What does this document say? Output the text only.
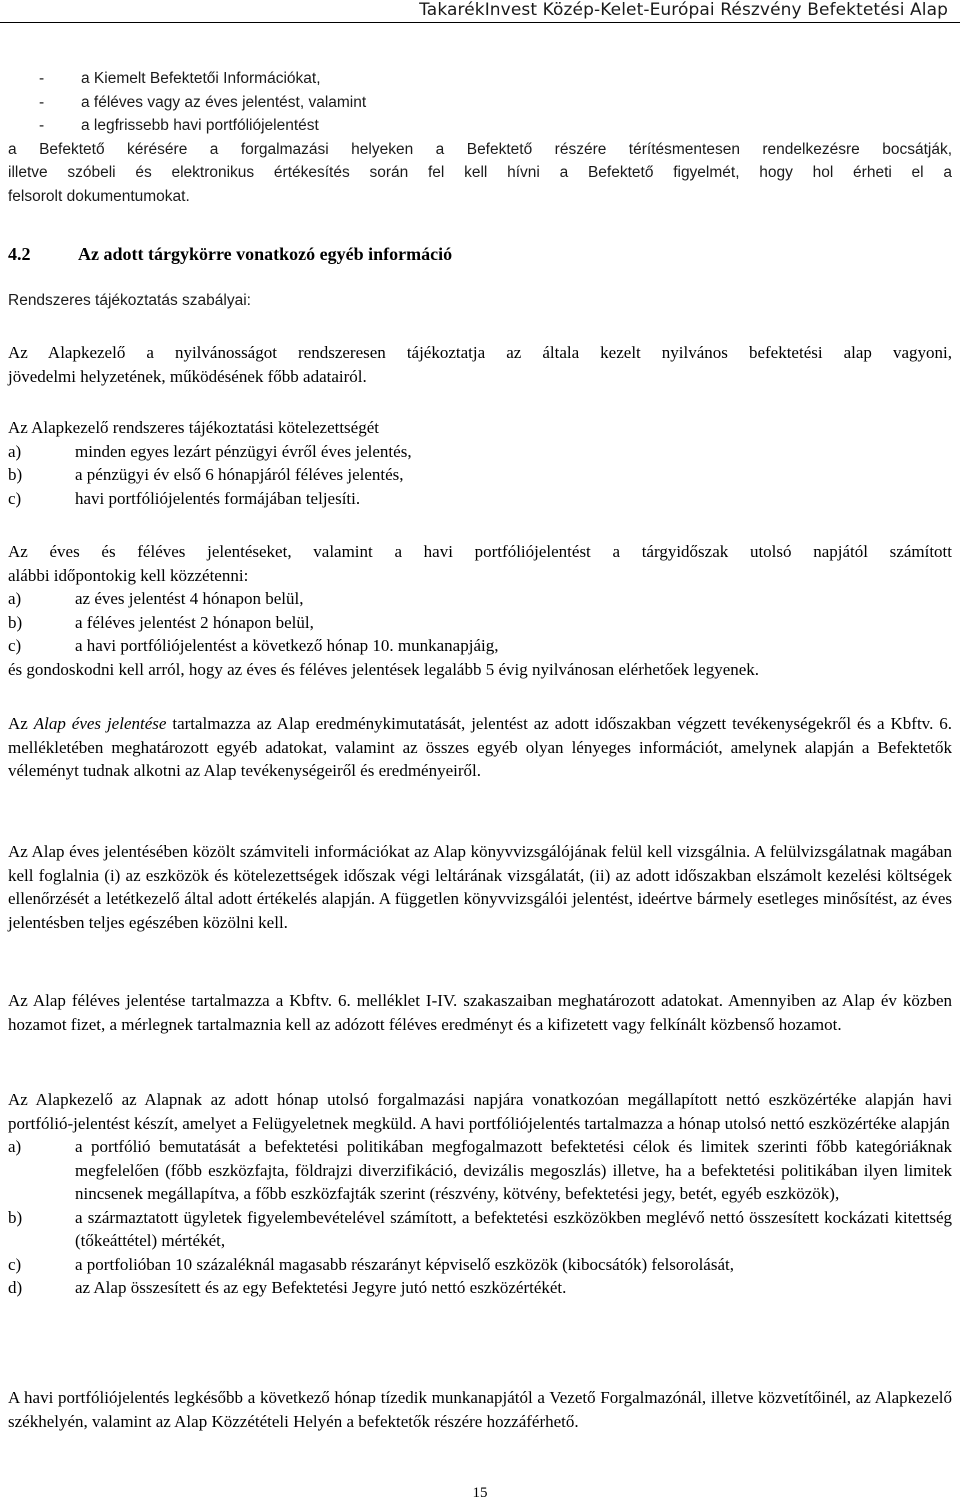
TakarékInvest Közép-Kelet-Európai Részvény Befektetési Alap
-	a Kiemelt Befektetői Információkat,
-	a féléves vagy az éves jelentést, valamint
-	a legfrissebb havi portfóliójelentést
a Befektető kérésére a forgalmazási helyeken a Befektető részére térítésmentesen rendelkezésre bocsátják,
illetve szóbeli és elektronikus értékesítés során fel kell hívni a Befektető figyelmét, hogy hol érheti el a
felsorolt dokumentumokat.
4.2	Az adott tárgykörre vonatkozó egyéb információ
Rendszeres tájékoztatás szabályai:
Az Alapkezelő a nyilvánosságot rendszeresen tájékoztatja az általa kezelt nyilvános befektetési alap vagyoni,
jövedelmi helyzetének, működésének főbb adatairól.
Az Alapkezelő rendszeres tájékoztatási kötelezettségét
a)	minden egyes lezárt pénzügyi évről éves jelentés,
b)	a pénzügyi év első 6 hónapjáról féléves jelentés,
c)	havi portfóliójelentés formájában teljesíti.
Az éves és féléves jelentéseket, valamint a havi portfóliójelentést a tárgyidőszak utolsó napjától számított
alábbi időpontokig kell közzétenni:
a)	az éves jelentést 4 hónapon belül,
b)	a féléves jelentést 2 hónapon belül,
c)	a havi portfóliójelentést a következő hónap 10. munkanapjáig,
és gondoskodni kell arról, hogy az éves és féléves jelentések legalább 5 évig nyilvánosan elérhetőek legyenek.
Az Alap éves jelentése tartalmazza az Alap eredménykimutatását, jelentést az adott időszakban végzett tevékenységekről és a Kbftv. 6. mellékletében meghatározott egyéb adatokat, valamint az összes egyéb olyan lényeges információt, amelynek alapján a Befektetők véleményt tudnak alkotni az Alap tevékenységeiről és eredményeiről.
Az Alap éves jelentésében közölt számviteli információkat az Alap könyvvizsgálójának felül kell vizsgálnia. A felülvizsgálatnak magában kell foglalnia (i) az eszközök és kötelezettségek időszak végi leltárának vizsgálatát, (ii) az adott időszakban elszámolt kezelési költségek ellenőrzését a letétkezelő által adott értékelés alapján. A független könyvvizsgálói jelentést, ideértve bármely esetleges minősítést, az éves jelentésben teljes egészében közölni kell.
Az Alap féléves jelentése tartalmazza a Kbftv. 6. melléklet I-IV. szakaszaiban meghatározott adatokat. Amennyiben az Alap év közben hozamot fizet, a mérlegnek tartalmaznia kell az adózott féléves eredményt és a kifizetett vagy felkínált közbenső hozamot.
Az Alapkezelő az Alapnak az adott hónap utolsó forgalmazási napjára vonatkozóan megállapított nettó eszközértéke alapján havi portfólió-jelentést készít, amelyet a Felügyeletnek megküld. A havi portfóliójelentés tartalmazza a hónap utolsó nettó eszközértéke alapján
a)	a portfólió bemutatását a befektetési politikában megfogalmazott befektetési célok és limitek szerinti főbb kategóriáknak megfelelően (főbb eszközfajta, földrajzi diverzifikáció, devizális megoszlás) illetve, ha a befektetési politikában ilyen limitek nincsenek megállapítva, a főbb eszközfajták szerint (részvény, kötvény, befektetési jegy, betét, egyéb eszközök),
b)	a származtatott ügyletek figyelembevételével számított, a befektetési eszközökben meglévő nettó összesített kockázati kitettség (tőkeáttétel) mértékét,
c)	a portfolióban 10 százaléknál magasabb részarányt képviselő eszközök (kibocsátók) felsorolását,
d)	az Alap összesített és az egy Befektetési Jegyre jutó nettó eszközértékét.
A havi portfóliójelentés legkésőbb a következő hónap tízedik munkanapjától a Vezető Forgalmazónál, illetve közvetítőinél, az Alapkezelő székhelyén, valamint az Alap Közzétételi Helyén a befektetők részére hozzáférhető.
15
